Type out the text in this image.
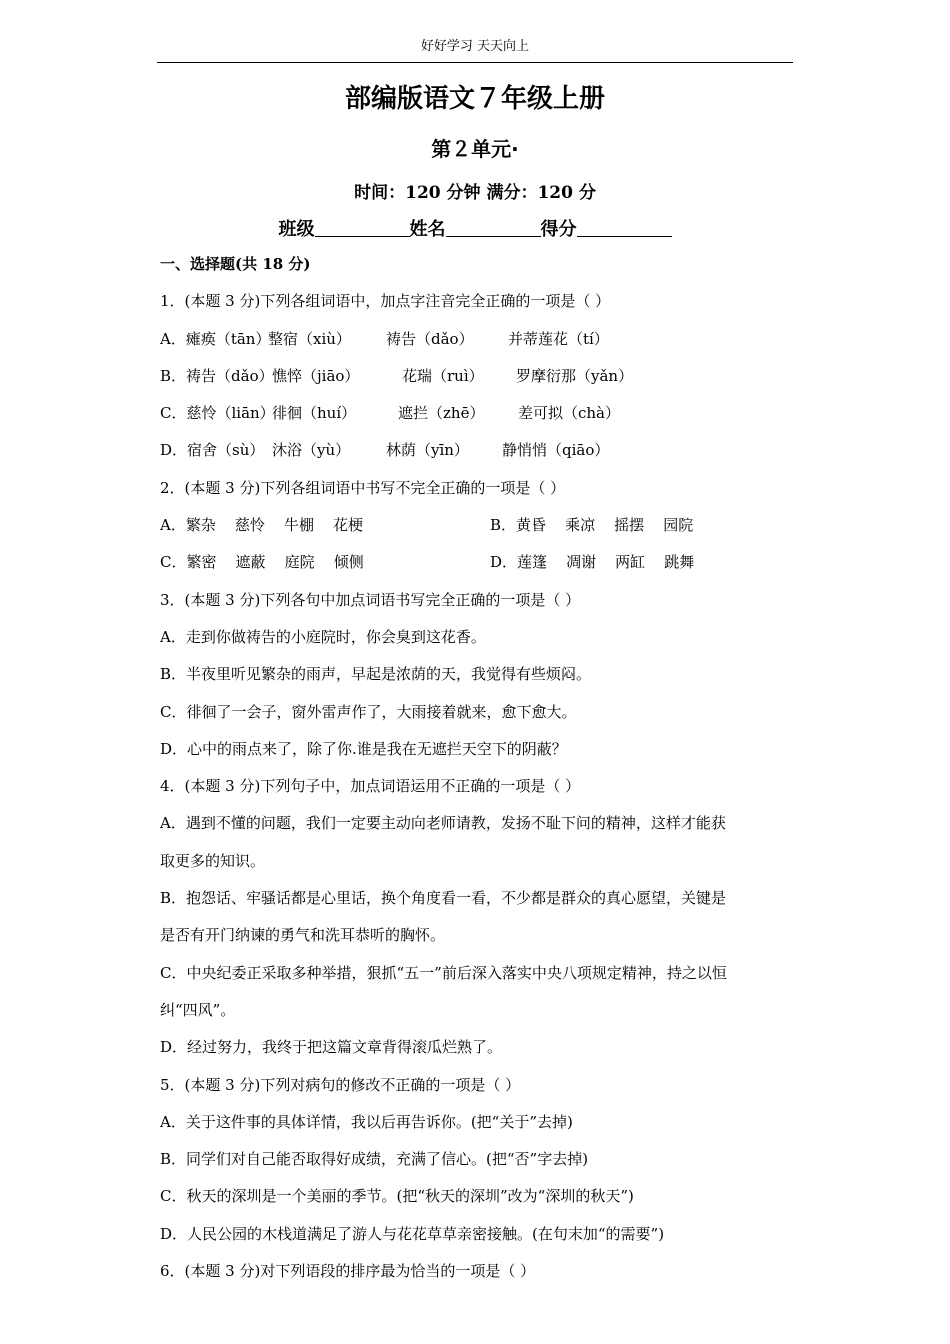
好好学习 天天向上
部编版语文７年级上册
第２单元·
时间：120 分钟 满分：120 分
班级	姓名	得分
一、选择题(共 18 分)
1．(本题 3 分)下列各组词语中，加点字注音完全正确的一项是（ ）
A．瘫痪（tān）整宿（xiù） 祷告（dǎo） 并蒂莲花（tí）
B．祷告（dǎo）憔悴（jiāo）	花瑞（ruì） 罗摩衍那（yǎn）
C．慈怜（liān）徘徊（huí）	遮拦（zhē） 差可拟（chà）
D．宿舍（sù） 沐浴（yù） 林荫（yīn） 静悄悄（qiāo）
2．(本题 3 分)下列各组词语中书写不完全正确的一项是（ ）
A．繁杂    慈怜    牛棚    花梗	B．黄昏    乘凉    摇摆    园院
C．繁密    遮蔽    庭院    倾侧	D．莲篷    凋谢    两缸    跳舞
3．(本题 3 分)下列各句中加点词语书写完全正确的一项是（ ）
A．走到你做祷告的小庭院时，你会臭到这花香。
B．半夜里听见繁杂的雨声，早起是浓荫的天，我觉得有些烦闷。
C．徘徊了一会子，窗外雷声作了，大雨接着就来，愈下愈大。
D．心中的雨点来了，除了你.谁是我在无遮拦天空下的阴蔽？
4．(本题 3 分)下列句子中，加点词语运用不正确的一项是（ ）
A．遇到不懂的问题，我们一定要主动向老师请教，发扬不耻下问的精神，这样才能获
取更多的知识。
B．抱怨话、牢骚话都是心里话，换个角度看一看，不少都是群众的真心愿望，关键是
是否有开门纳谏的勇气和洗耳恭听的胸怀。
C．中央纪委正采取多种举措，狠抓“五一”前后深入落实中央八项规定精神，持之以恒
纠“四风”。
D．经过努力，我终于把这篇文章背得滚瓜烂熟了。
5．(本题 3 分)下列对病句的修改不正确的一项是（ ）
A．关于这件事的具体详情，我以后再告诉你。(把“关于”去掉)
B．同学们对自己能否取得好成绩，充满了信心。(把“否”字去掉)
C．秋天的深圳是一个美丽的季节。(把“秋天的深圳”改为“深圳的秋天”)
D．人民公园的木栈道满足了游人与花花草草亲密接触。(在句末加“的需要”)
6．(本题 3 分)对下列语段的排序最为恰当的一项是（ ）
